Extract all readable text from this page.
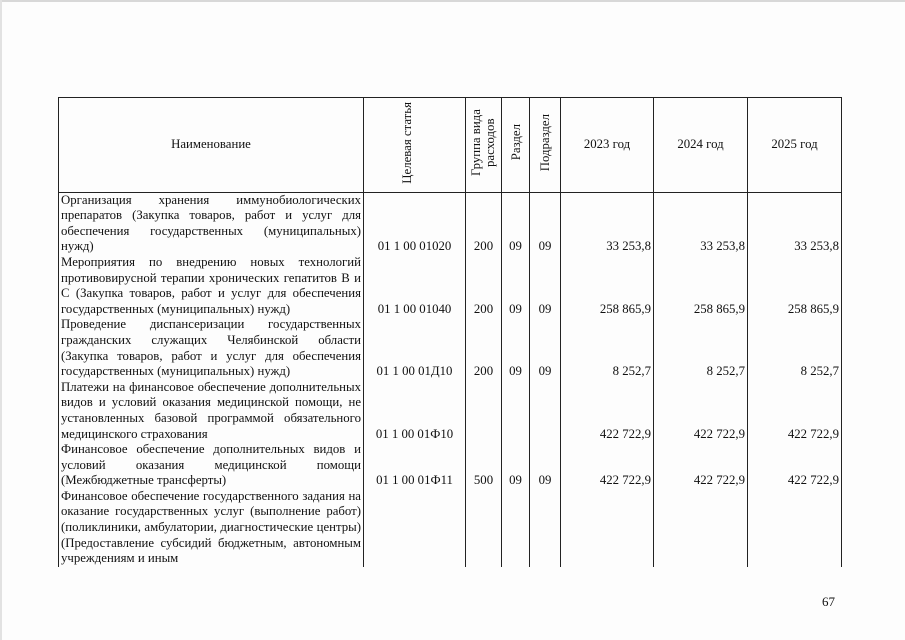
Наименование	Целевая статья	Группа вида расходов	Раздел	Подраздел	2023 год	2024 год	2025 год
Организация хранения иммунобиологических препаратов (Закупка товаров, работ и услуг для обеспечения государственных (муниципальных) нужд)	01 1 00 01020	200	09	09	33 253,8	33 253,8	33 253,8
Мероприятия по внедрению новых технологий противовирусной терапии хронических гепатитов В и С (Закупка товаров, работ и услуг для обеспечения государственных (муниципальных) нужд)	01 1 00 01040	200	09	09	258 865,9	258 865,9	258 865,9
Проведение диспансеризации государственных гражданских служащих Челябинской области (Закупка товаров, работ и услуг для обеспечения государственных (муниципальных) нужд)	01 1 00 01Д10	200	09	09	8 252,7	8 252,7	8 252,7
Платежи на финансовое обеспечение дополнительных видов и условий оказания медицинской помощи, не установленных базовой программой обязательного медицинского страхования	01 1 00 01Ф10				422 722,9	422 722,9	422 722,9
Финансовое обеспечение дополнительных видов и условий оказания медицинской помощи (Межбюджетные трансферты)	01 1 00 01Ф11	500	09	09	422 722,9	422 722,9	422 722,9
Финансовое обеспечение государственного задания на оказание государственных услуг (выполнение работ) (поликлиники, амбулатории, диагностические центры) (Предоставление субсидий бюджетным, автономным учреждениям и иным							
67
